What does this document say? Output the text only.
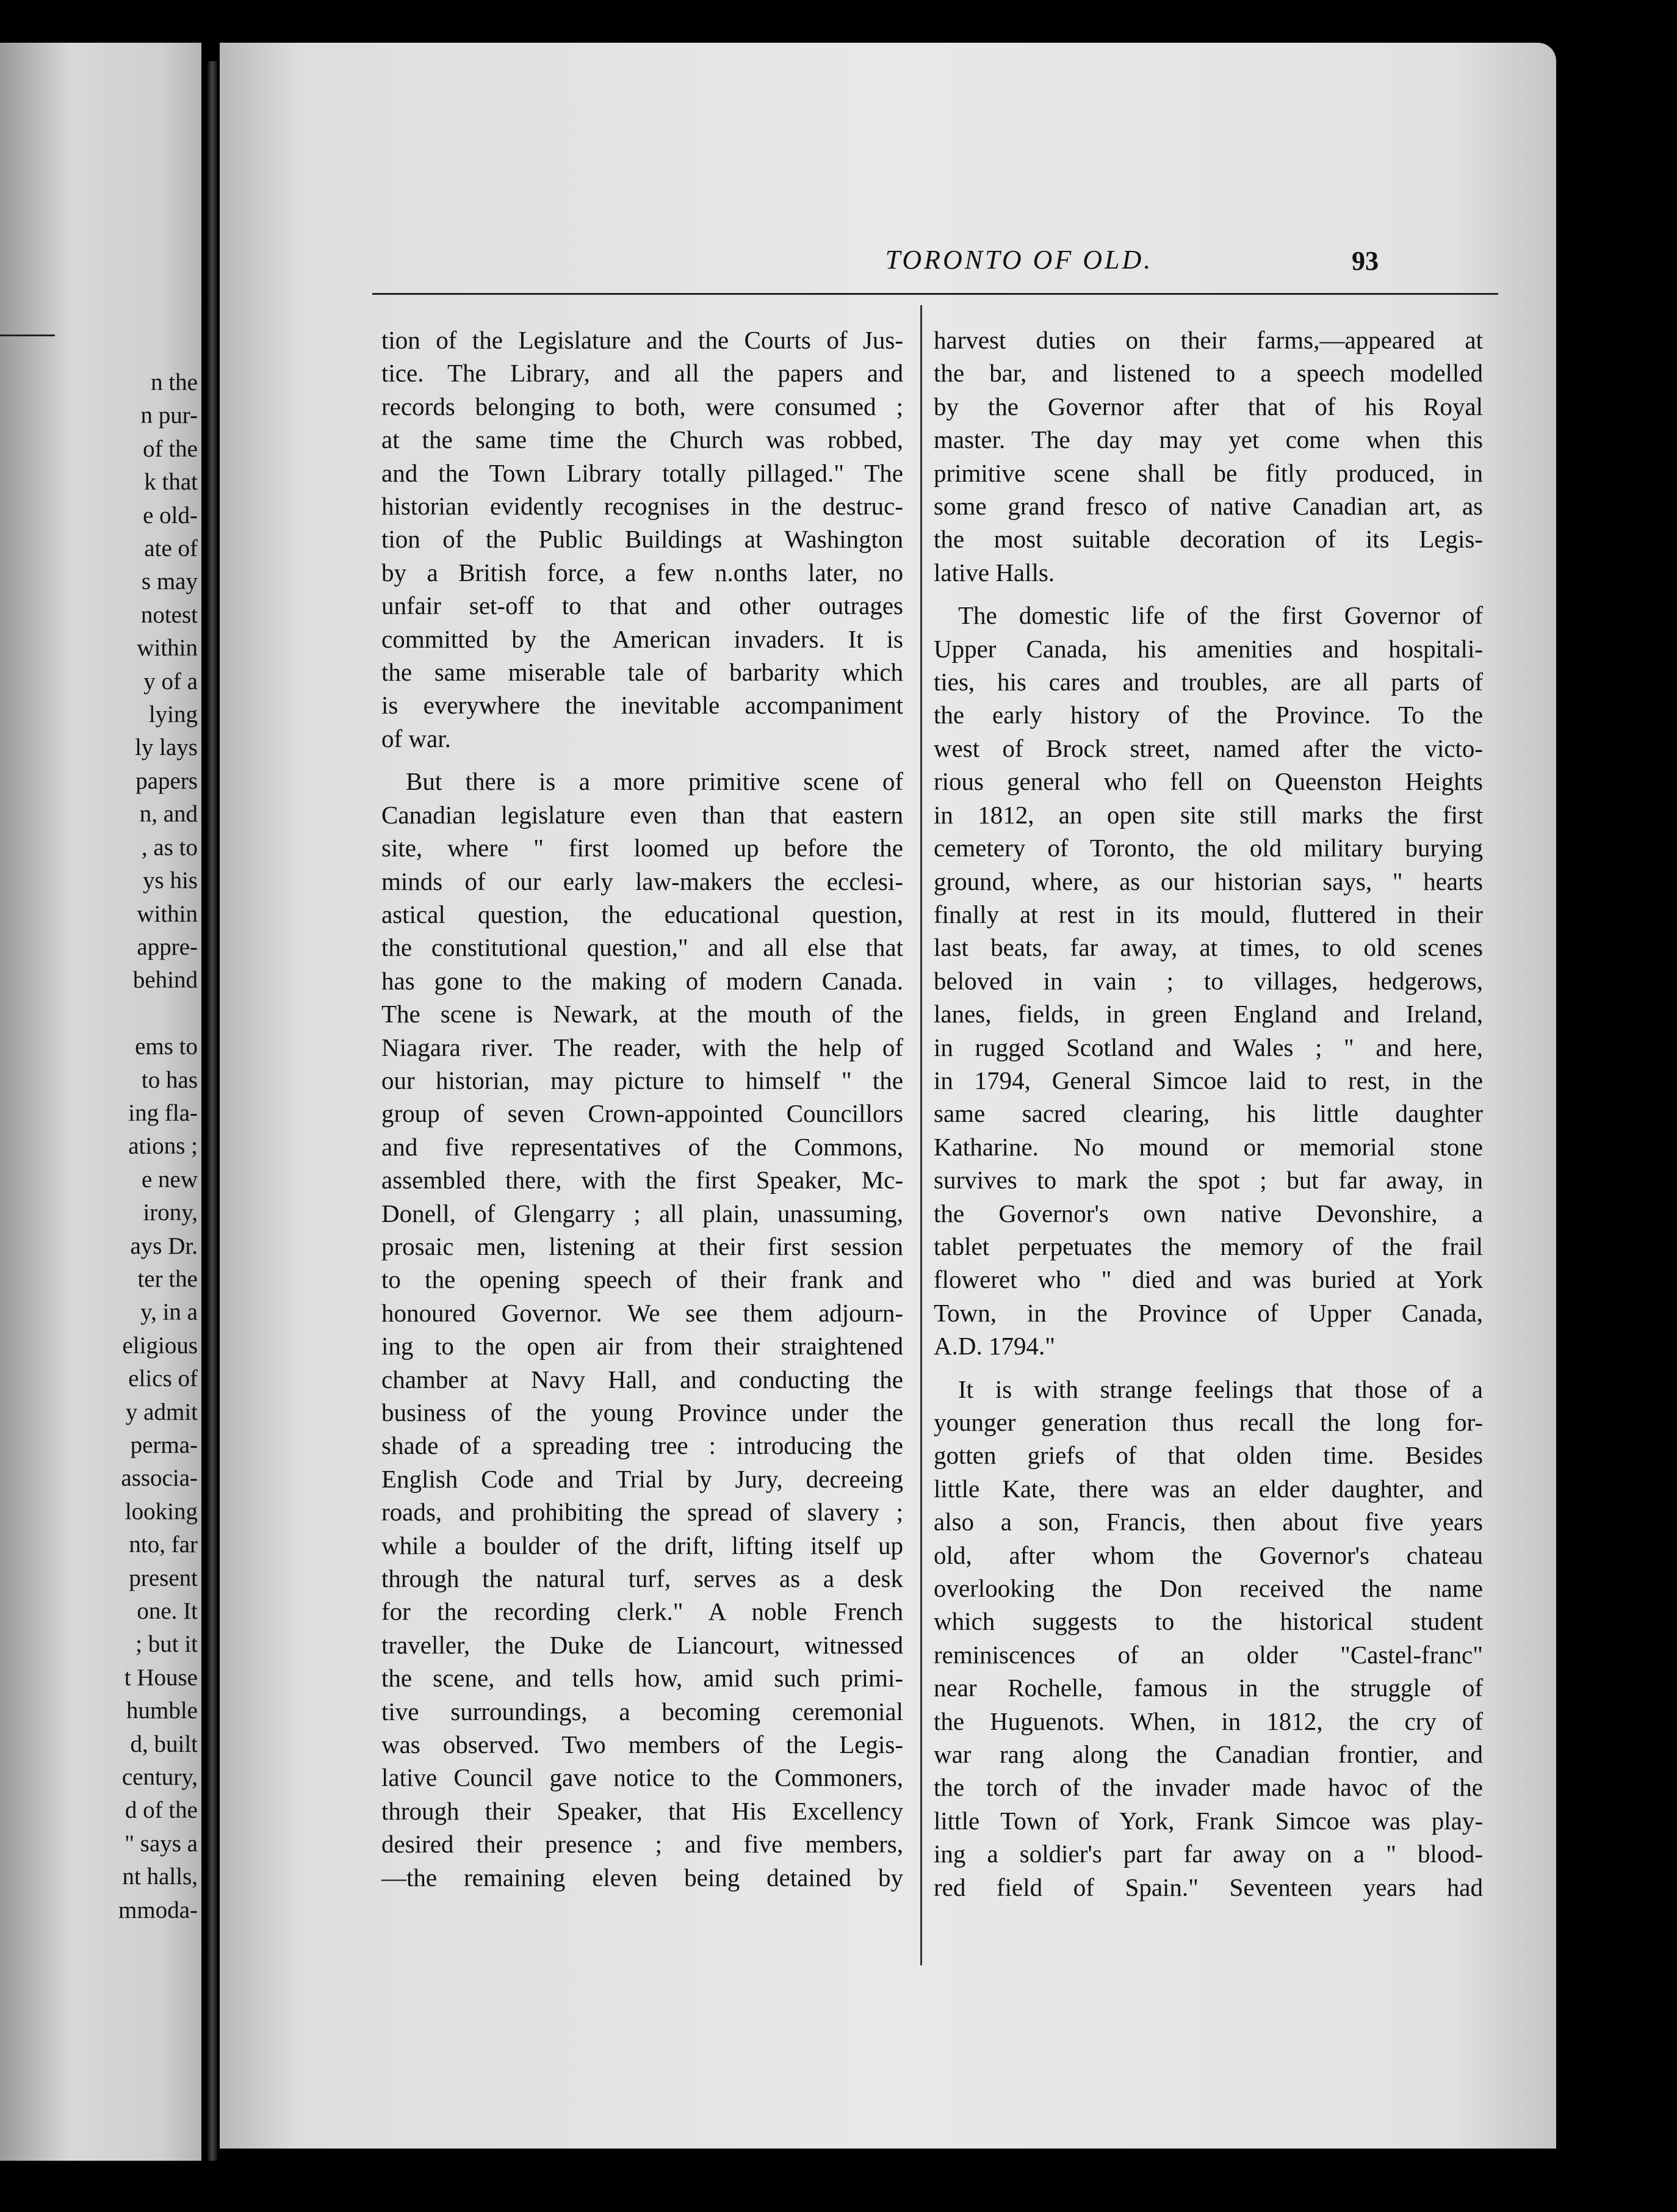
n the
n pur-
of the
k that
e old-
ate of
s may
notest
within
y of a
lying
ly lays
papers
n, and
, as to
ys his
within
appre-
behind

ems to
to has
ing fla-
ations ;
e new
irony,
ays Dr.
ter the
y, in a
eligious
elics of
y admit
perma-
associa-
looking
nto, far
present
one. It
; but it
t House
humble
d, built
century,
d of the
" says a
nt halls,
mmoda-
TORONTO OF OLD.	93
tion of the Legislature and the Courts of Jus-
tice. The Library, and all the papers and
records belonging to both, were consumed ;
at the same time the Church was robbed,
and the Town Library totally pillaged." The
historian evidently recognises in the destruc-
tion of the Public Buildings at Washington
by a British force, a few n.onths later, no
unfair set-off to that and other outrages
committed by the American invaders. It is
the same miserable tale of barbarity which
is everywhere the inevitable accompaniment
of war.
But there is a more primitive scene of
Canadian legislature even than that eastern
site, where " first loomed up before the
minds of our early law-makers the ecclesi-
astical question, the educational question,
the constitutional question," and all else that
has gone to the making of modern Canada.
The scene is Newark, at the mouth of the
Niagara river. The reader, with the help of
our historian, may picture to himself " the
group of seven Crown-appointed Councillors
and five representatives of the Commons,
assembled there, with the first Speaker, Mc-
Donell, of Glengarry ; all plain, unassuming,
prosaic men, listening at their first session
to the opening speech of their frank and
honoured Governor. We see them adjourn-
ing to the open air from their straightened
chamber at Navy Hall, and conducting the
business of the young Province under the
shade of a spreading tree : introducing the
English Code and Trial by Jury, decreeing
roads, and prohibiting the spread of slavery ;
while a boulder of the drift, lifting itself up
through the natural turf, serves as a desk
for the recording clerk." A noble French
traveller, the Duke de Liancourt, witnessed
the scene, and tells how, amid such primi-
tive surroundings, a becoming ceremonial
was observed. Two members of the Legis-
lative Council gave notice to the Commoners,
through their Speaker, that His Excellency
desired their presence ; and five members,
—the remaining eleven being detained by
harvest duties on their farms,—appeared at
the bar, and listened to a speech modelled
by the Governor after that of his Royal
master. The day may yet come when this
primitive scene shall be fitly produced, in
some grand fresco of native Canadian art, as
the most suitable decoration of its Legis-
lative Halls.
The domestic life of the first Governor of
Upper Canada, his amenities and hospitali-
ties, his cares and troubles, are all parts of
the early history of the Province. To the
west of Brock street, named after the victo-
rious general who fell on Queenston Heights
in 1812, an open site still marks the first
cemetery of Toronto, the old military burying
ground, where, as our historian says, " hearts
finally at rest in its mould, fluttered in their
last beats, far away, at times, to old scenes
beloved in vain ; to villages, hedgerows,
lanes, fields, in green England and Ireland,
in rugged Scotland and Wales ; " and here,
in 1794, General Simcoe laid to rest, in the
same sacred clearing, his little daughter
Katharine. No mound or memorial stone
survives to mark the spot ; but far away, in
the Governor's own native Devonshire, a
tablet perpetuates the memory of the frail
floweret who " died and was buried at York
Town, in the Province of Upper Canada,
A.D. 1794."
It is with strange feelings that those of a
younger generation thus recall the long for-
gotten griefs of that olden time. Besides
little Kate, there was an elder daughter, and
also a son, Francis, then about five years
old, after whom the Governor's chateau
overlooking the Don received the name
which suggests to the historical student
reminiscences of an older "Castel-franc"
near Rochelle, famous in the struggle of
the Huguenots. When, in 1812, the cry of
war rang along the Canadian frontier, and
the torch of the invader made havoc of the
little Town of York, Frank Simcoe was play-
ing a soldier's part far away on a " blood-
red field of Spain." Seventeen years had
